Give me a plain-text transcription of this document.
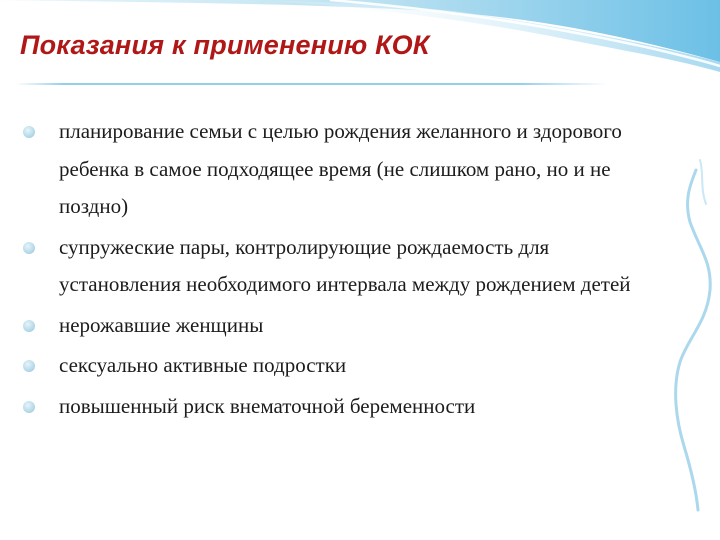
Показания к применению КОК
планирование семьи с целью рождения желанного и здорового ребенка в самое подходящее время (не слишком рано, но и не поздно)
супружеские пары, контролирующие рождаемость для установления необходимого интервала между рождением детей
нерожавшие женщины
сексуально активные подростки
повышенный риск внематочной беременности
